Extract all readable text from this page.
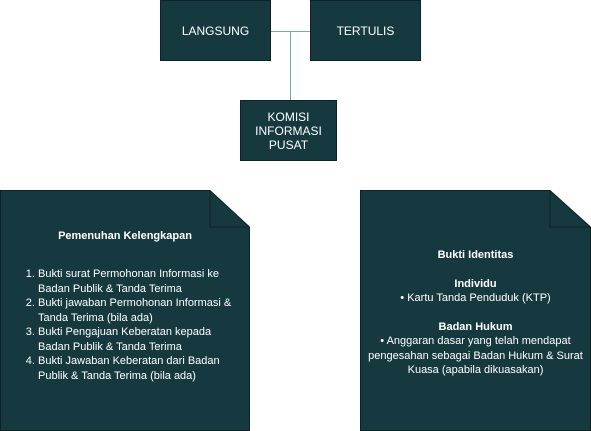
LANGSUNG	TERTULIS
KOMISI
INFORMASI
PUSAT
Pemenuhan Kelengkapan
1. Bukti surat Permohonan Informasi ke Badan Publik & Tanda Terima
2. Bukti jawaban Permohonan Informasi & Tanda Terima (bila ada)
3. Bukti Pengajuan Keberatan kepada Badan Publik & Tanda Terima
4. Bukti Jawaban Keberatan dari Badan Publik & Tanda Terima (bila ada)
Bukti Identitas
Individu
• Kartu Tanda Penduduk (KTP)
Badan Hukum
• Anggaran dasar yang telah mendapat pengesahan sebagai Badan Hukum & Surat Kuasa (apabila dikuasakan)
